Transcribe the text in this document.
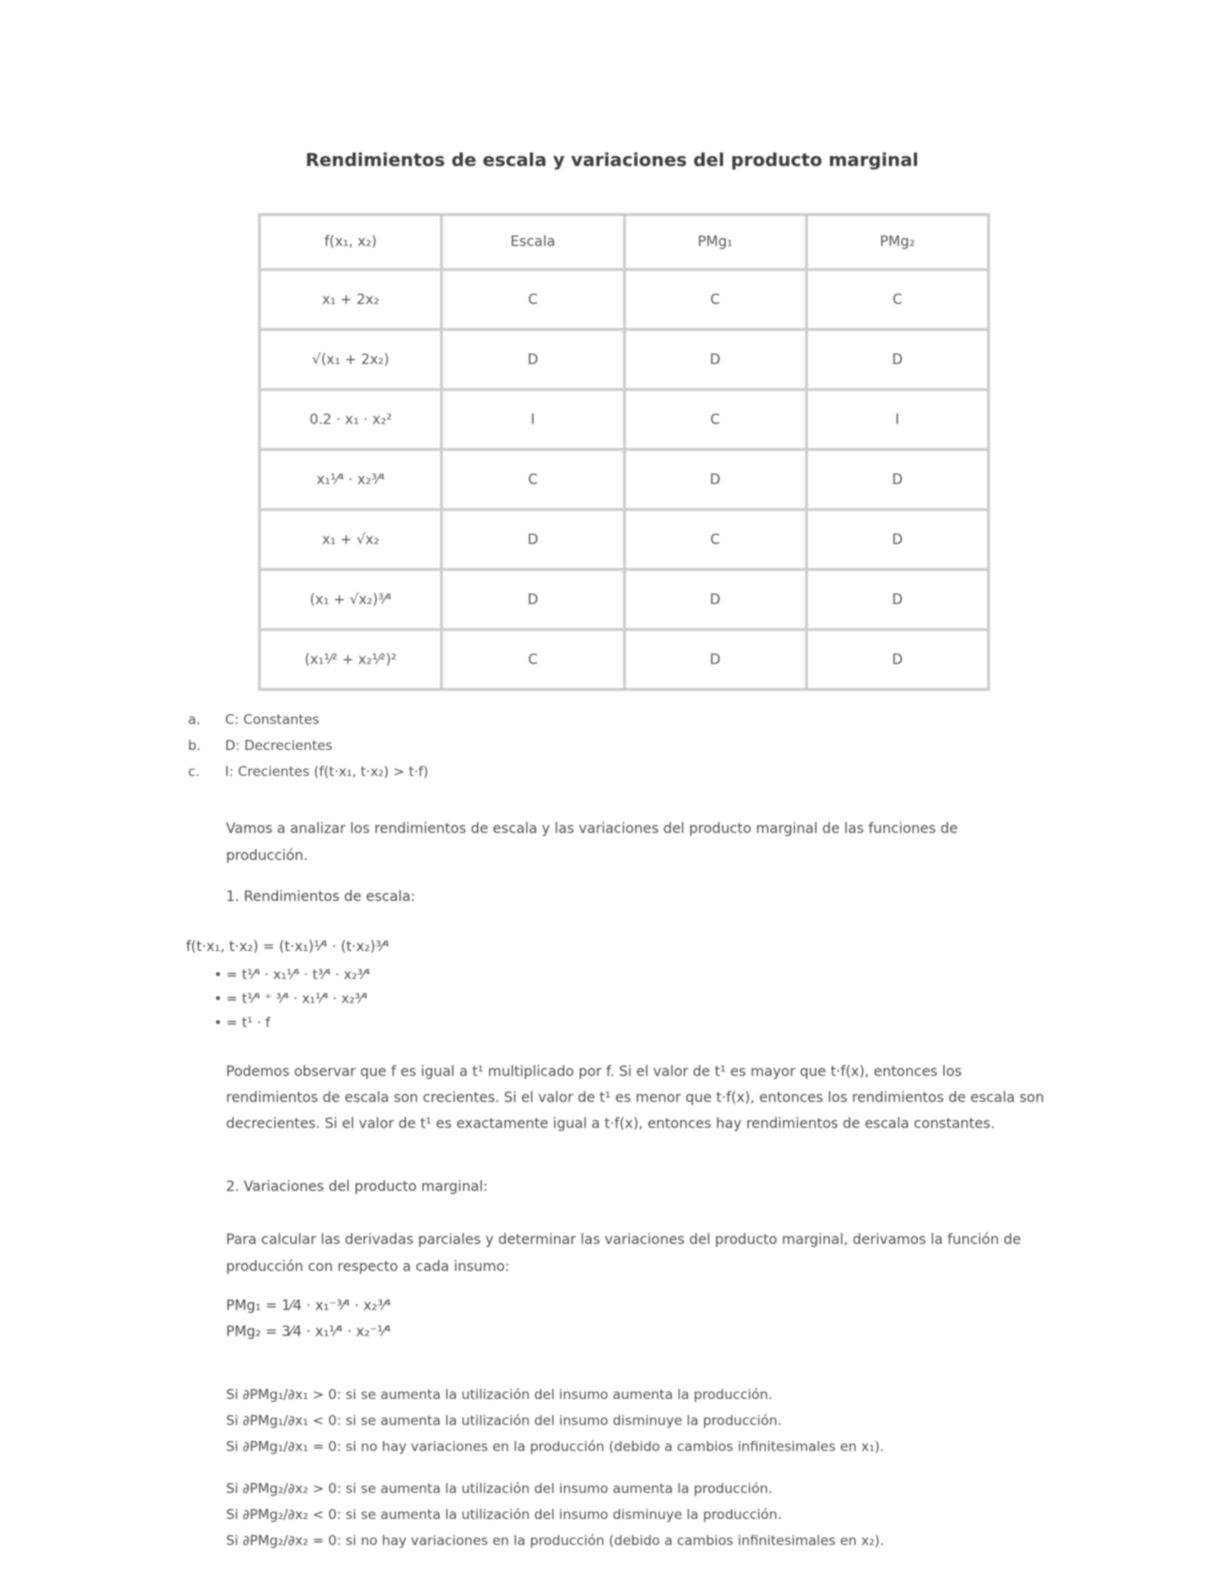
Rendimientos de escala y variaciones del producto marginal
f(x₁, x₂)	Escala	PMg₁	PMg₂
x₁ + 2x₂	C	C	C
√(x₁ + 2x₂)	D	D	D
0.2 · x₁ · x₂²	I	C	I
x₁¹⁄⁴ · x₂³⁄⁴	C	D	D
x₁ + √x₂	D	C	D
(x₁ + √x₂)³⁄⁴	D	D	D
(x₁¹⁄² + x₂¹⁄²)²	C	D	D
a. C: Constantes
b. D: Decrecientes
c. I: Crecientes (f(t·x₁, t·x₂) > t·f)
Vamos a analizar los rendimientos de escala y las variaciones del producto marginal de las funciones de producción.
1. Rendimientos de escala:
f(t·x₁, t·x₂) = (t·x₁)¹⁄⁴ · (t·x₂)³⁄⁴
• = t¹⁄⁴ · x₁¹⁄⁴ · t³⁄⁴ · x₂³⁄⁴
• = t¹⁄⁴ ⁺ ³⁄⁴ · x₁¹⁄⁴ · x₂³⁄⁴
• = t¹ · f
Podemos observar que f es igual a t¹ multiplicado por f. Si el valor de t¹ es mayor que t·f(x), entonces los rendimientos de escala son crecientes. Si el valor de t¹ es menor que t·f(x), entonces los rendimientos de escala son decrecientes. Si el valor de t¹ es exactamente igual a t·f(x), entonces hay rendimientos de escala constantes.
2. Variaciones del producto marginal:
Para calcular las derivadas parciales y determinar las variaciones del producto marginal, derivamos la función de producción con respecto a cada insumo:
PMg₁ = 1⁄4 · x₁⁻³⁄⁴ · x₂³⁄⁴
PMg₂ = 3⁄4 · x₁¹⁄⁴ · x₂⁻¹⁄⁴
Si ∂PMg₁/∂x₁ > 0: si se aumenta la utilización del insumo aumenta la producción.
Si ∂PMg₁/∂x₁ < 0: si se aumenta la utilización del insumo disminuye la producción.
Si ∂PMg₁/∂x₁ = 0: si no hay variaciones en la producción (debido a cambios infinitesimales en x₁).
Si ∂PMg₂/∂x₂ > 0: si se aumenta la utilización del insumo aumenta la producción.
Si ∂PMg₂/∂x₂ < 0: si se aumenta la utilización del insumo disminuye la producción.
Si ∂PMg₂/∂x₂ = 0: si no hay variaciones en la producción (debido a cambios infinitesimales en x₂).
